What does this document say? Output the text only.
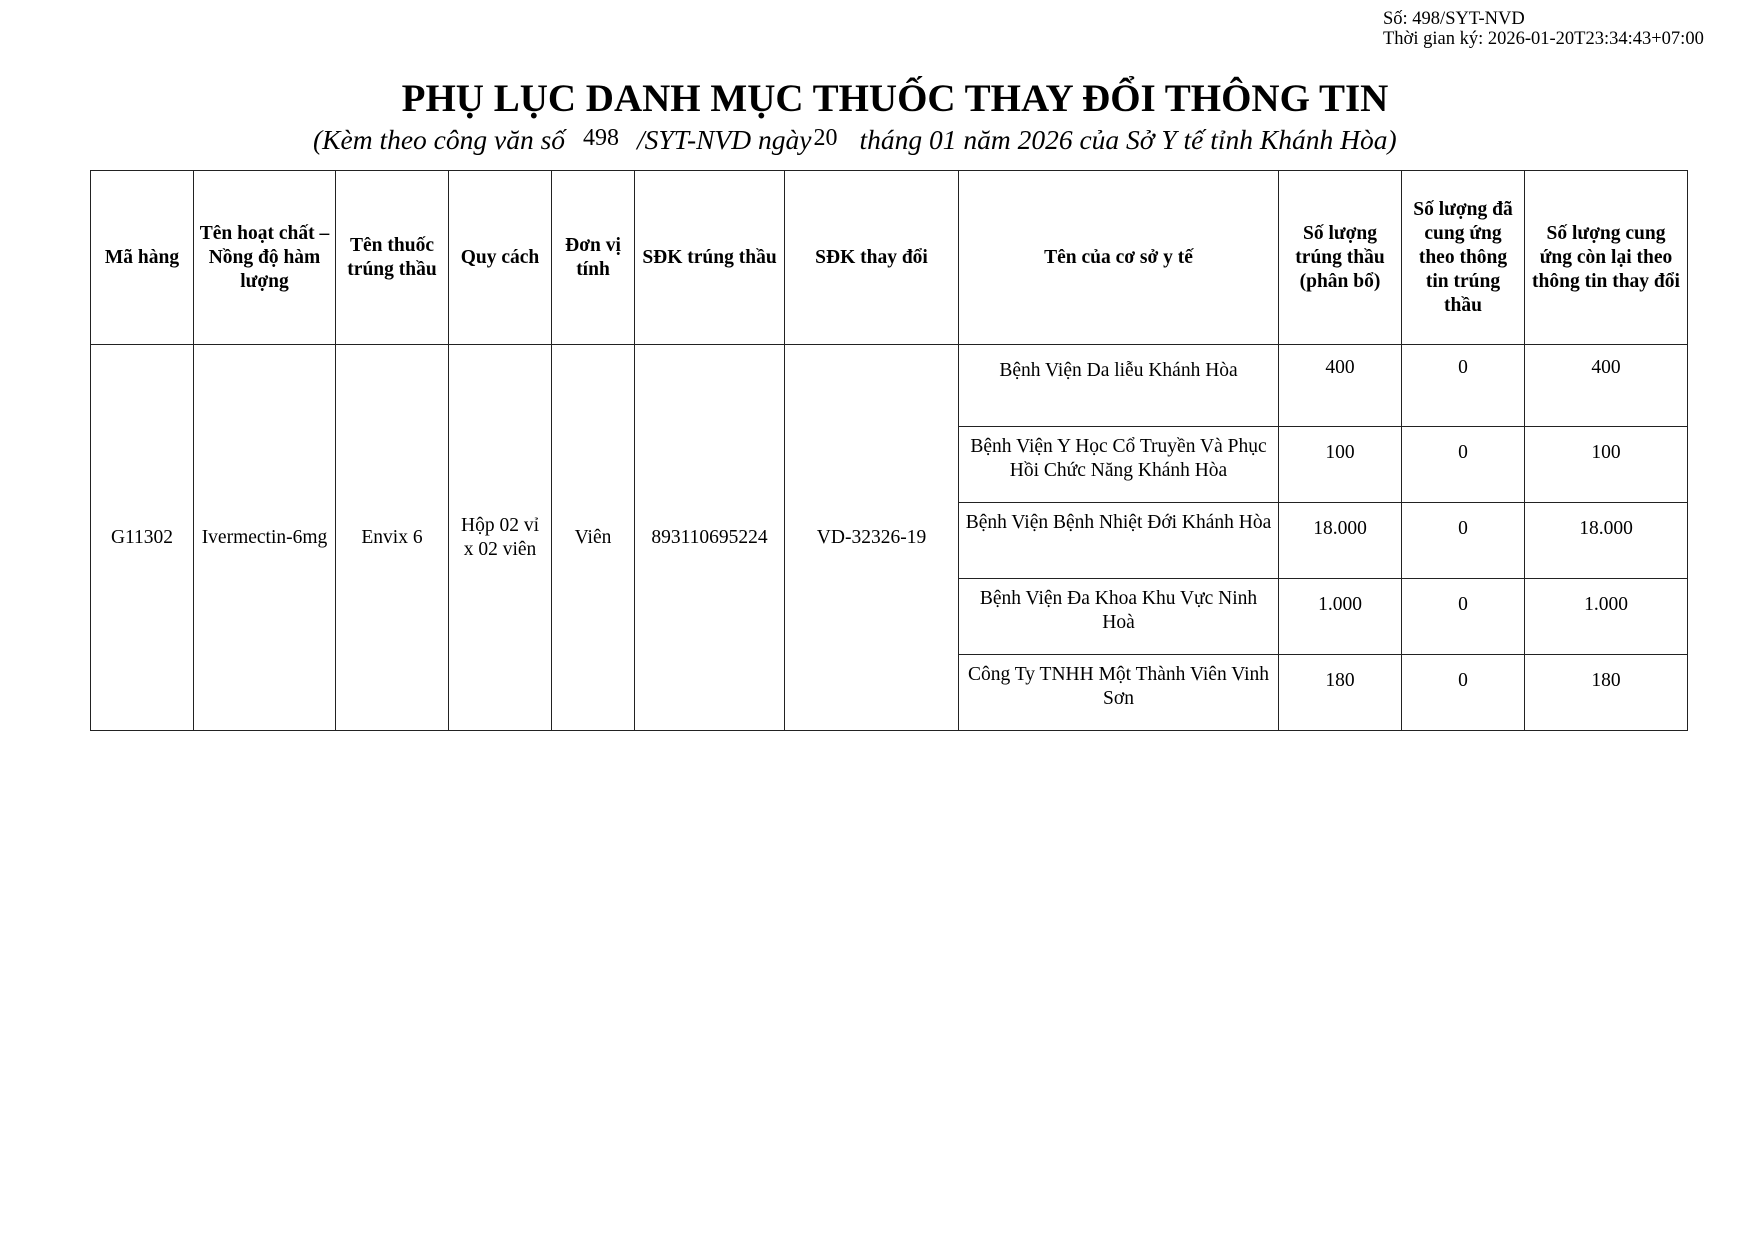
Số: 498/SYT-NVD
Thời gian ký: 2026-01-20T23:34:43+07:00
PHỤ LỤC DANH MỤC THUỐC THAY ĐỔI THÔNG TIN
(Kèm theo công văn số 498 /SYT-NVD ngày20 tháng 01 năm 2026 của Sở Y tế tỉnh Khánh Hòa)
Mã hàng	Tên hoạt chất – Nồng độ hàm lượng	Tên thuốc trúng thầu	Quy cách	Đơn vị tính	SĐK trúng thầu	SĐK thay đổi	Tên của cơ sở y tế	Số lượng trúng thầu (phân bổ)	Số lượng đã cung ứng theo thông tin trúng thầu	Số lượng cung ứng còn lại theo thông tin thay đổi
G11302	Ivermectin-6mg	Envix 6	Hộp 02 vỉ x 02 viên	Viên	893110695224	VD-32326-19	Bệnh Viện Da liễu Khánh Hòa	400	0	400
							Bệnh Viện Y Học Cổ Truyền Và Phục Hồi Chức Năng Khánh Hòa	100	0	100
							Bệnh Viện Bệnh Nhiệt Đới Khánh Hòa	18.000	0	18.000
							Bệnh Viện Đa Khoa Khu Vực Ninh Hoà	1.000	0	1.000
							Công Ty TNHH Một Thành Viên Vinh Sơn	180	0	180
